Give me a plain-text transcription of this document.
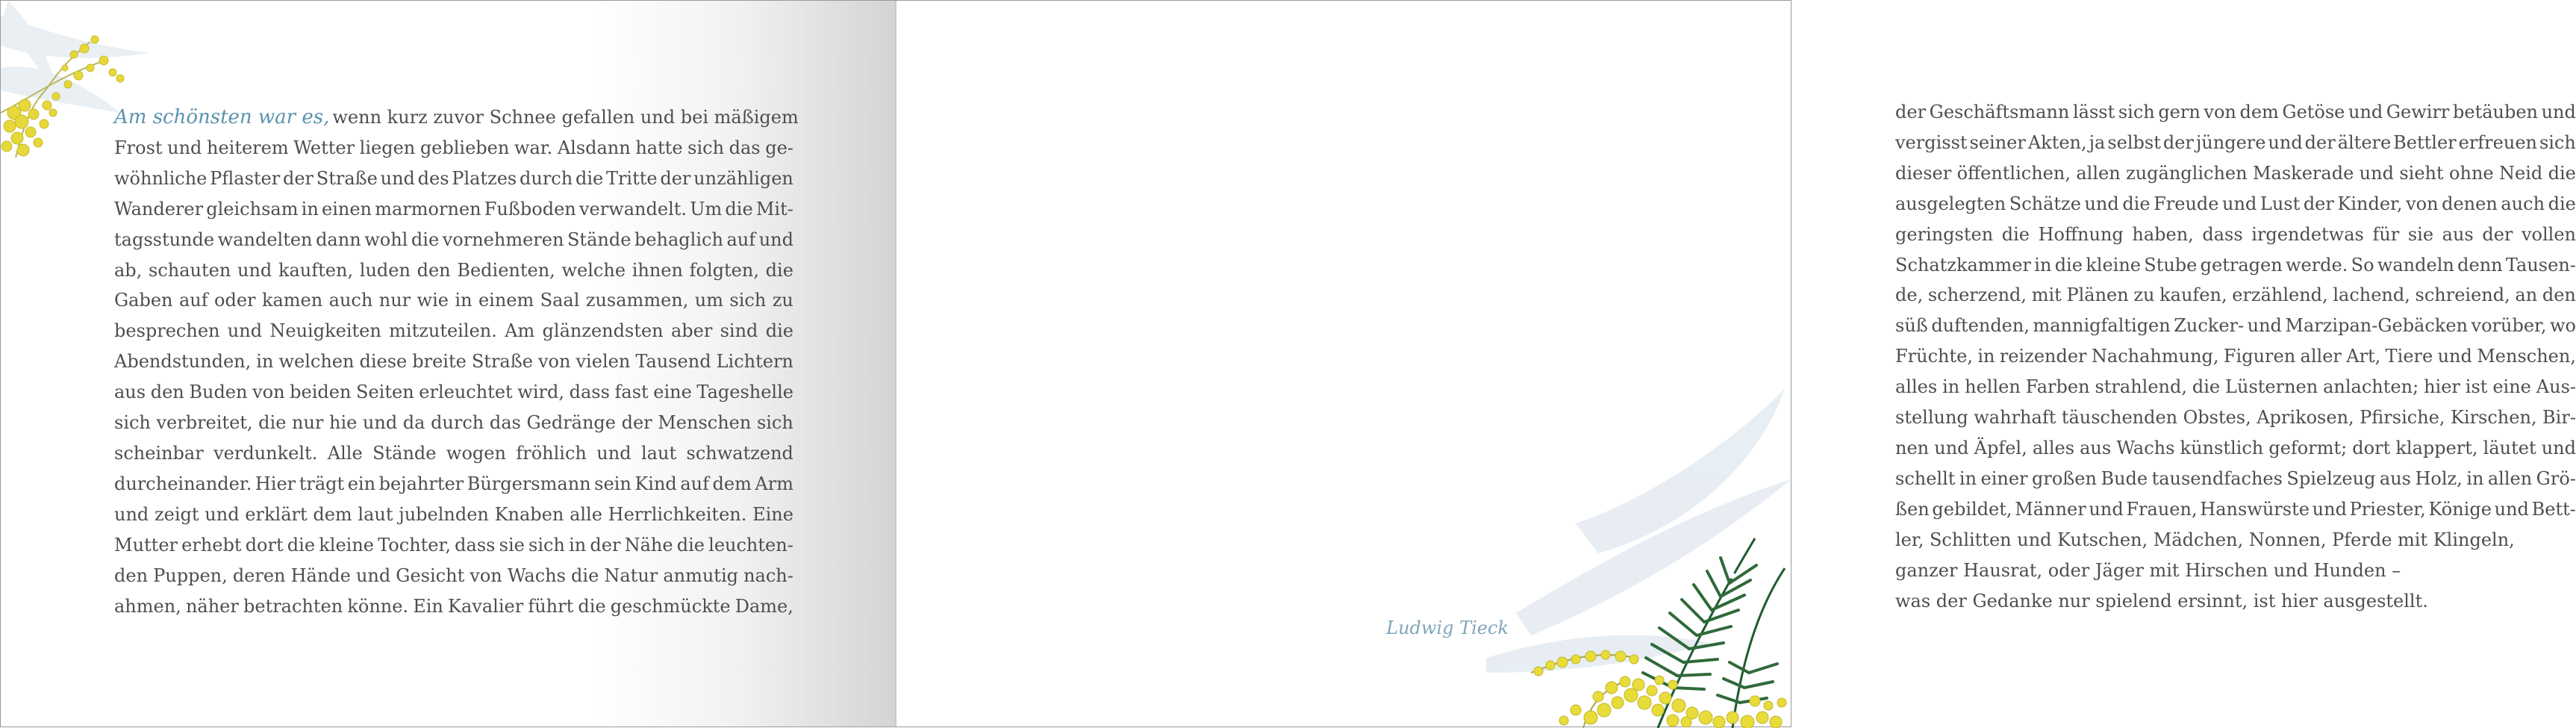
Am schönsten war es, wenn kurz zuvor Schnee gefallen und bei mäßigem
Frost und heiterem Wetter liegen geblieben war. Alsdann hatte sich das ge-
wöhnliche Pflaster der Straße und des Platzes durch die Tritte der unzähligen
Wanderer gleichsam in einen marmornen Fußboden verwandelt. Um die Mit-
tagsstunde wandelten dann wohl die vornehmeren Stände behaglich auf und
ab, schauten und kauften, luden den Bedienten, welche ihnen folgten, die
Gaben auf oder kamen auch nur wie in einem Saal zusammen, um sich zu
besprechen und Neuigkeiten mitzuteilen. Am glänzendsten aber sind die
Abendstunden, in welchen diese breite Straße von vielen Tausend Lichtern
aus den Buden von beiden Seiten erleuchtet wird, dass fast eine Tageshelle
sich verbreitet, die nur hie und da durch das Gedränge der Menschen sich
scheinbar verdunkelt. Alle Stände wogen fröhlich und laut schwatzend
durcheinander. Hier trägt ein bejahrter Bürgersmann sein Kind auf dem Arm
und zeigt und erklärt dem laut jubelnden Knaben alle Herrlichkeiten. Eine
Mutter erhebt dort die kleine Tochter, dass sie sich in der Nähe die leuchten-
den Puppen, deren Hände und Gesicht von Wachs die Natur anmutig nach-
ahmen, näher betrachten könne. Ein Kavalier führt die geschmückte Dame,
der Geschäftsmann lässt sich gern von dem Getöse und Gewirr betäuben und
vergisst seiner Akten, ja selbst der jüngere und der ältere Bettler erfreuen sich
dieser öffentlichen, allen zugänglichen Maskerade und sieht ohne Neid die
ausgelegten Schätze und die Freude und Lust der Kinder, von denen auch die
geringsten die Hoffnung haben, dass irgendetwas für sie aus der vollen
Schatzkammer in die kleine Stube getragen werde. So wandeln denn Tausen-
de, scherzend, mit Plänen zu kaufen, erzählend, lachend, schreiend, an den
süß duftenden, mannigfaltigen Zucker- und Marzipan-Gebäcken vorüber, wo
Früchte, in reizender Nachahmung, Figuren aller Art, Tiere und Menschen,
alles in hellen Farben strahlend, die Lüsternen anlachten; hier ist eine Aus-
stellung wahrhaft täuschenden Obstes, Aprikosen, Pfirsiche, Kirschen, Bir-
nen und Äpfel, alles aus Wachs künstlich geformt; dort klappert, läutet und
schellt in einer großen Bude tausendfaches Spielzeug aus Holz, in allen Grö-
ßen gebildet, Männer und Frauen, Hanswürste und Priester, Könige und Bett-
ler, Schlitten und Kutschen, Mädchen, Nonnen, Pferde mit Klingeln,
ganzer Hausrat, oder Jäger mit Hirschen und Hunden –
was der Gedanke nur spielend ersinnt, ist hier ausgestellt.
Ludwig Tieck
